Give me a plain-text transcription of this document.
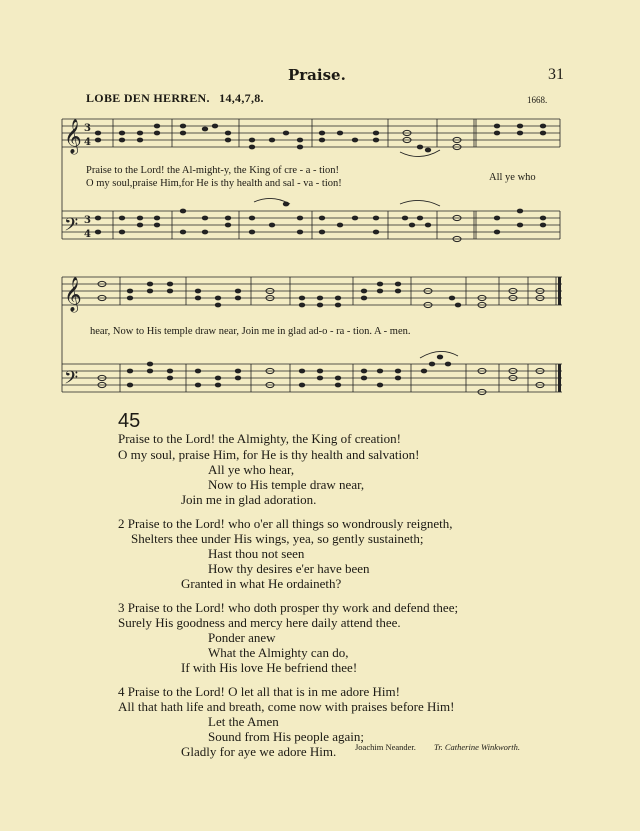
Praise.	31
LOBE DEN HERREN. 14,4,7,8.	1668.
𝄞 3
4
𝄢 3
4
𝄞
𝄢
Praise to the Lord! the Al-might-y, the King of cre - a - tion!
O my soul,praise Him,for He is thy health and sal - va - tion!
All ye who
hear, Now to His temple draw near, Join me in glad ad-o - ra - tion. A - men.
45
Praise to the Lord! the Almighty, the King of creation!
O my soul, praise Him, for He is thy health and salvation!
All ye who hear,
Now to His temple draw near,
Join me in glad adoration.
2 Praise to the Lord! who o'er all things so wondrously reigneth,
Shelters thee under His wings, yea, so gently sustaineth;
Hast thou not seen
How thy desires e'er have been
Granted in what He ordaineth?
3 Praise to the Lord! who doth prosper thy work and defend thee;
Surely His goodness and mercy here daily attend thee.
Ponder anew
What the Almighty can do,
If with His love He befriend thee!
4 Praise to the Lord! O let all that is in me adore Him!
All that hath life and breath, come now with praises before Him!
Let the Amen
Sound from His people again;
Gladly for aye we adore Him. Joachim Neander. Tr. Catherine Winkworth.
